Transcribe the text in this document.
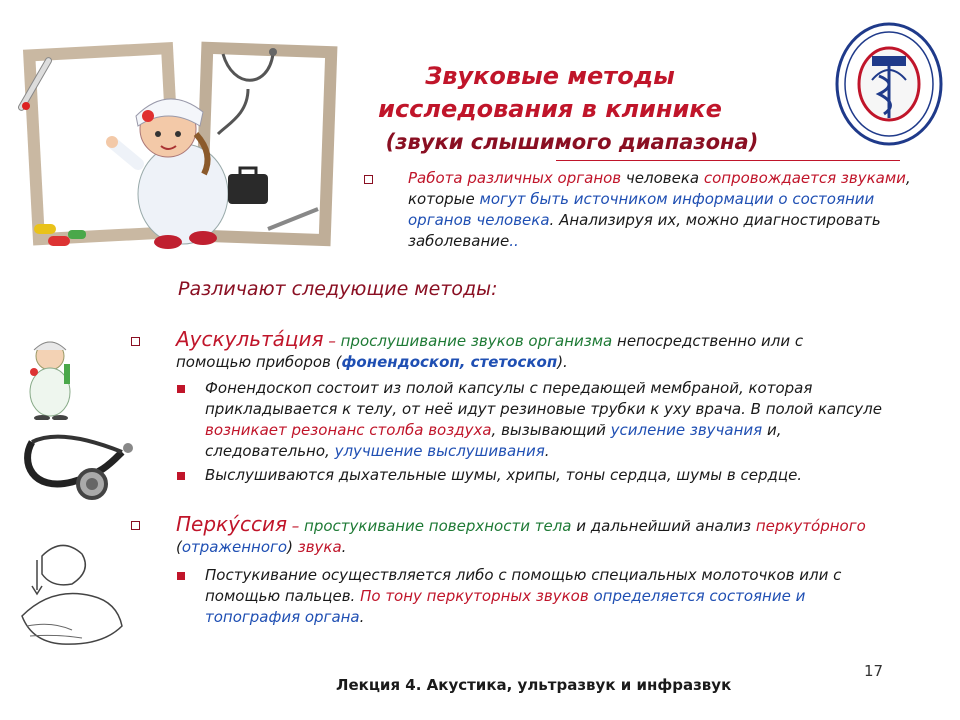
Звуковые методы
исследования в клинике
(звуки слышимого диапазона)
Работа различных органов человека сопровождается звуками, которые могут быть источником информации о состоянии органов человека. Анализируя их, можно диагностировать заболевание..
Различают следующие методы:
Аускульта́ция – прослушивание звуков организма непосредственно или с помощью приборов (фонендоскоп, стетоскоп).
Фонендоскоп состоит из полой капсулы с передающей мембраной, которая прикладывается к телу, от неё идут резиновые трубки к уху врача. В полой капсуле возникает резонанс столба воздуха, вызывающий усиление звучания и, следовательно, улучшение выслушивания.
Выслушиваются дыхательные шумы, хрипы, тоны сердца, шумы в сердце.
Перку́ссия – простукивание поверхности тела и дальнейший анализ перкуто́рного (отраженного) звука.
Постукивание осуществляется либо с помощью специальных молоточков или с помощью пальцев. По тону перкуторных звуков определяется состояние и топография органа.
17
Лекция 4. Акустика, ультразвук и инфразвук
